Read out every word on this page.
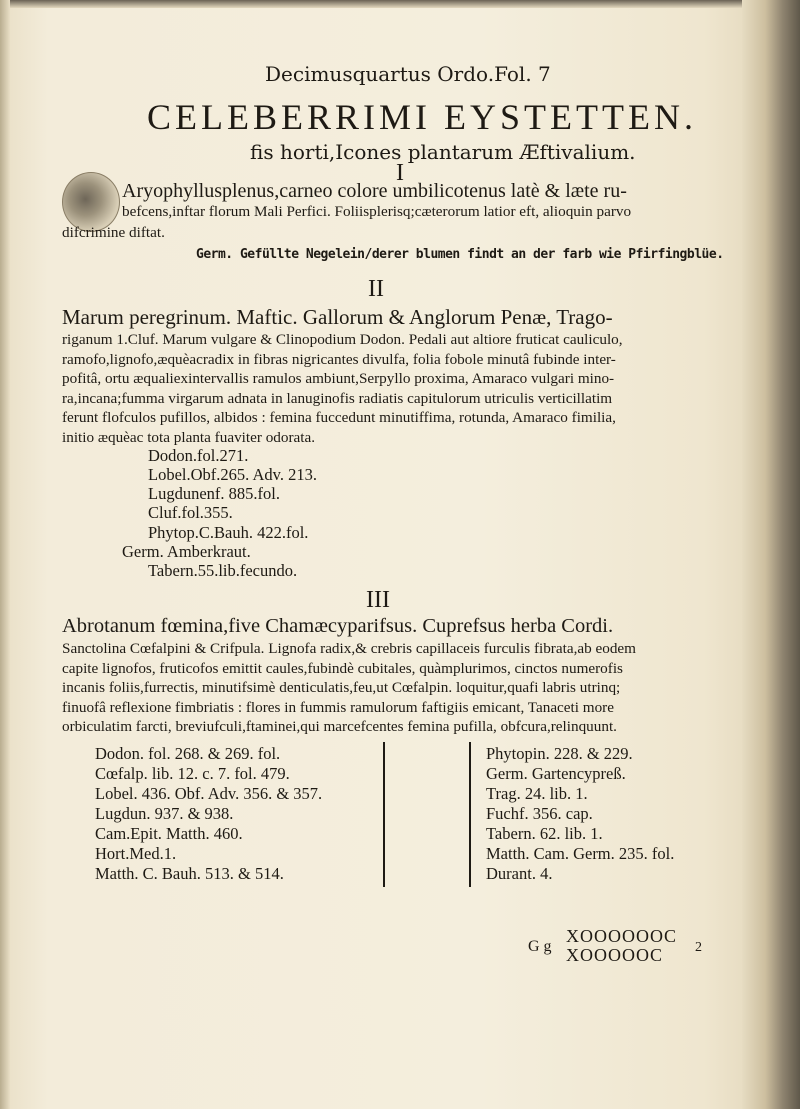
Decimusquartus Ordo.Fol. 7
CELEBERRIMI EYSTETTEN.
fis horti,Icones plantarum Æftivalium.
I
Aryophyllusplenus,carneo colore umbilicotenus latè & læte ru-
befcens,inftar florum Mali Perfici. Foliisplerisq;cæterorum latior eft, alioquin parvo
difcrimine diftat.
Germ. Gefüllte Negelein/derer blumen findt an der farb wie Pfirfingblüe.
II
Marum peregrinum. Maftic. Gallorum & Anglorum Penæ, Trago-
riganum 1.Cluf. Marum vulgare & Clinopodium Dodon. Pedali aut altiore fruticat cauliculo,
ramofo,lignofo,æquèacradix in fibras nigricantes divulfa, folia fobole minutâ fubinde inter-
pofitâ, ortu æqualiexintervallis ramulos ambiunt,Serpyllo proxima, Amaraco vulgari mino-
ra,incana;fumma virgarum adnata in lanuginofis radiatis capitulorum utriculis verticillatim
ferunt flofculos pufillos, albidos : femina fuccedunt minutiffima, rotunda, Amaraco fimilia,
initio æquèac tota planta fuaviter odorata.
Dodon.fol.271.
Lobel.Obf.265. Adv. 213.
Lugdunenf. 885.fol.
Cluf.fol.355.
Phytop.C.Bauh. 422.fol.
Germ. Amberkraut.
Tabern.55.lib.fecundo.
III
Abrotanum fœmina,five Chamæcyparifsus. Cuprefsus herba Cordi.
Sanctolina Cœfalpini & Crifpula. Lignofa radix,& crebris capillaceis furculis fibrata,ab eodem
capite lignofos, fruticofos emittit caules,fubindè cubitales, quàmplurimos, cinctos numerofis
incanis foliis,furrectis, minutifsimè denticulatis,feu,ut Cœfalpin. loquitur,quafi labris utrinq;
finuofâ reflexione fimbriatis : flores in fummis ramulorum faftigiis emicant, Tanaceti more
orbiculatim farcti, breviufculi,ftaminei,qui marcefcentes femina pufilla, obfcura,relinquunt.
Dodon. fol. 268. & 269. fol.
Cœfalp. lib. 12. c. 7. fol. 479.
Lobel. 436. Obf. Adv. 356. & 357.
Lugdun. 937. & 938.
Cam.Epit. Matth. 460.
Hort.Med.1.
Matth. C. Bauh. 513. & 514.
Phytopin. 228. & 229.
Germ. Gartencypreß.
Trag. 24. lib. 1.
Fuchf. 356. cap.
Tabern. 62. lib. 1.
Matth. Cam. Germ. 235. fol.
Durant. 4.
G g
XOOOOOOC
XOOOOOC 2
